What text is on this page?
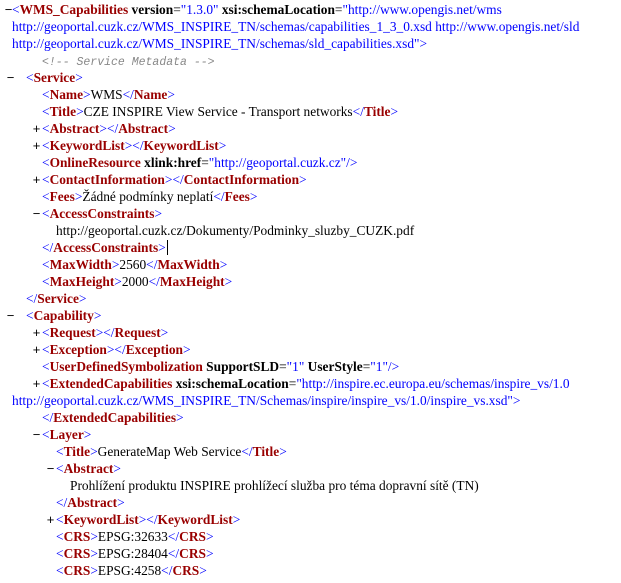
− <WMS_Capabilities version="1.3.0" xsi:schemaLocation="http://www.opengis.net/wms
http://geoportal.cuzk.cz/WMS_INSPIRE_TN/schemas/capabilities_1_3_0.xsd http://www.opengis.net/sld
http://geoportal.cuzk.cz/WMS_INSPIRE_TN/schemas/sld_capabilities.xsd">
<!-- Service Metadata -->
− <Service>
<Name>WMS</Name>
<Title>CZE INSPIRE View Service - Transport networks</Title>
+ <Abstract></Abstract>
+ <KeywordList></KeywordList>
<OnlineResource xlink:href="http://geoportal.cuzk.cz"/>
+ <ContactInformation></ContactInformation>
<Fees>Žádné podmínky neplatí</Fees>
− <AccessConstraints>
http://geoportal.cuzk.cz/Dokumenty/Podminky_sluzby_CUZK.pdf
</AccessConstraints>
<MaxWidth>2560</MaxWidth>
<MaxHeight>2000</MaxHeight>
</Service>
− <Capability>
+ <Request></Request>
+ <Exception></Exception>
<UserDefinedSymbolization SupportSLD="1" UserStyle="1"/>
+ <ExtendedCapabilities xsi:schemaLocation="http://inspire.ec.europa.eu/schemas/inspire_vs/1.0
http://geoportal.cuzk.cz/WMS_INSPIRE_TN/Schemas/inspire/inspire_vs/1.0/inspire_vs.xsd">
</ExtendedCapabilities>
− <Layer>
<Title>GenerateMap Web Service</Title>
− <Abstract>
Prohlížení produktu INSPIRE prohlížecí služba pro téma dopravní sítě (TN)
</Abstract>
+ <KeywordList></KeywordList>
<CRS>EPSG:32633</CRS>
<CRS>EPSG:28404</CRS>
<CRS>EPSG:4258</CRS>
